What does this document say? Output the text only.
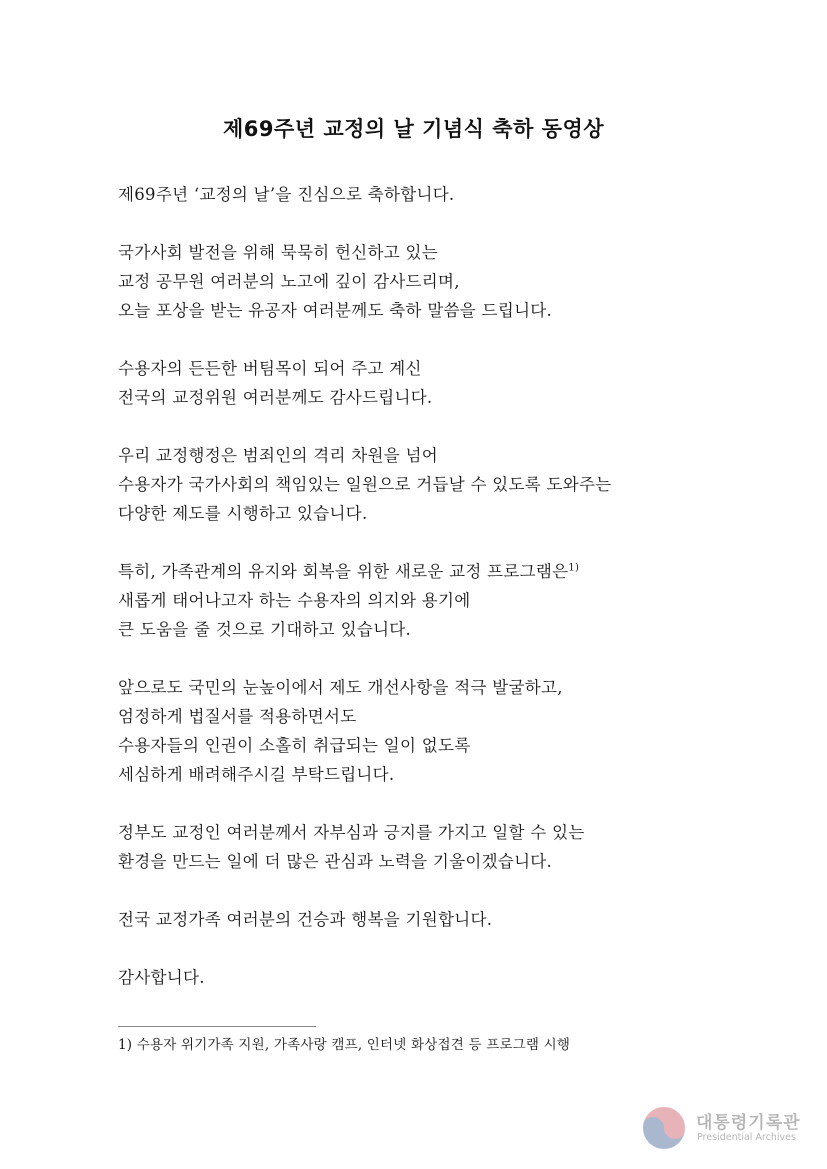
제69주년 교정의 날 기념식 축하 동영상
제69주년 ‘교정의 날’을 진심으로 축하합니다.
국가사회 발전을 위해 묵묵히 헌신하고 있는
교정 공무원 여러분의 노고에 깊이 감사드리며,
오늘 포상을 받는 유공자 여러분께도 축하 말씀을 드립니다.
수용자의 든든한 버팀목이 되어 주고 계신
전국의 교정위원 여러분께도 감사드립니다.
우리 교정행정은 범죄인의 격리 차원을 넘어
수용자가 국가사회의 책임있는 일원으로 거듭날 수 있도록 도와주는
다양한 제도를 시행하고 있습니다.
특히, 가족관계의 유지와 회복을 위한 새로운 교정 프로그램은$^{1)}$
새롭게 태어나고자 하는 수용자의 의지와 용기에
큰 도움을 줄 것으로 기대하고 있습니다.
앞으로도 국민의 눈높이에서 제도 개선사항을 적극 발굴하고,
엄정하게 법질서를 적용하면서도
수용자들의 인권이 소홀히 취급되는 일이 없도록
세심하게 배려해주시길 부탁드립니다.
정부도 교정인 여러분께서 자부심과 긍지를 가지고 일할 수 있는
환경을 만드는 일에 더 많은 관심과 노력을 기울이겠습니다.
전국 교정가족 여러분의 건승과 행복을 기원합니다.
감사합니다.
1) 수용자 위기가족 지원, 가족사랑 캠프, 인터넷 화상접견 등 프로그램 시행
대통령기록관
Presidential Archives
